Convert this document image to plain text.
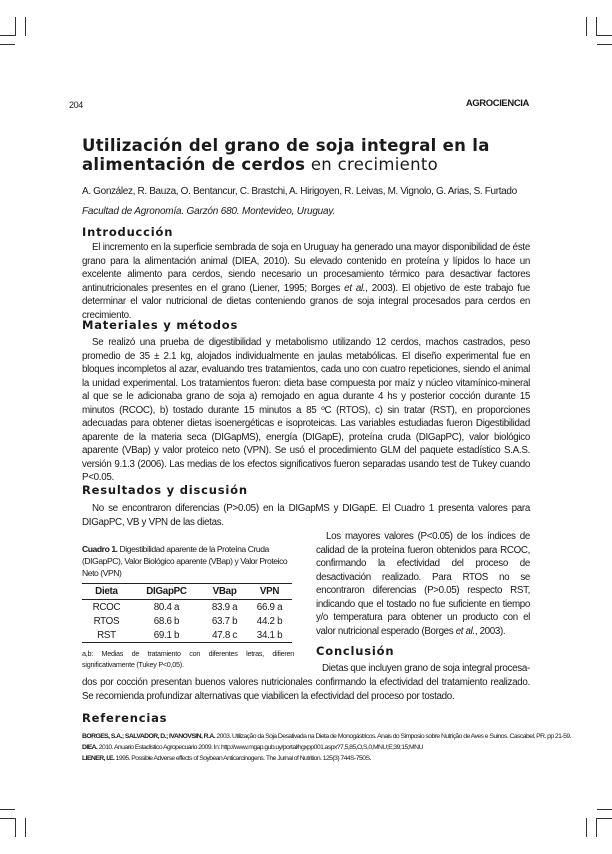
204	AGROCIENCIA
Utilización del grano de soja integral en la alimentación de cerdos en crecimiento
A. González, R. Bauza, O. Bentancur, C. Brastchi, A. Hirigoyen, R. Leivas, M. Vignolo, G. Arias, S. Furtado
Facultad de Agronomía. Garzón 680. Montevideo, Uruguay.
Introducción

El incremento en la superficie sembrada de soja en Uruguay ha generado una mayor disponibilidad de éste grano para la alimentación animal (DIEA, 2010). Su elevado contenido en proteína y lípidos lo hace un excelente alimento para cerdos, siendo necesario un procesamiento térmico para desactivar factores antinutricionales presentes en el grano (Liener, 1995; Borges et al., 2003). El objetivo de este trabajo fue determinar el valor nutricional de dietas conteniendo granos de soja integral procesados para cerdos en crecimiento.

Materiales y métodos

Se realizó una prueba de digestibilidad y metabolismo utilizando 12 cerdos, machos castrados, peso promedio de 35 ± 2.1 kg, alojados individualmente en jaulas metabólicas. El diseño experimental fue en bloques incompletos al azar, evaluando tres tratamientos, cada uno con cuatro repeticiones, siendo el animal la unidad experimental. Los tratamientos fueron: dieta base compuesta por maíz y núcleo vitamínico-mineral al que se le adicionaba grano de soja a) remojado en agua durante 4 hs y posterior cocción durante 15 minutos (RCOC), b) tostado durante 15 minutos a 85 ºC (RTOS), c) sin tratar (RST), en proporciones adecuadas para obtener dietas isoenergéticas e isoproteicas. Las variables estudiadas fueron Digestibilidad aparente de la materia seca (DIGapMS), energía (DIGapE), proteína cruda (DIGapPC), valor biológico aparente (VBap) y valor proteico neto (VPN). Se usó el procedimiento GLM del paquete estadístico S.A.S. versión 9.1.3 (2006). Las medias de los efectos significativos fueron separadas usando test de Tukey cuando P<0.05.

Resultados y discusión

No se encontraron diferencias (P>0.05) en la DIGapMS y DIGapE. El Cuadro 1 presenta valores para DIGapPC, VB y VPN de las dietas.

Los mayores valores (P<0.05) de los índices de calidad de la proteína fueron obtenidos para RCOC, confirmando la efectividad del proceso de desactivación realizado. Para RTOS no se encontraron diferencias (P>0.05) respecto RST, indicando que el tostado no fue suficiente en tiempo y/o temperatura para obtener un producto con el valor nutricional esperado (Borges et al., 2003).

Cuadro 1. Digestibilidad aparente de la Proteína Cruda (DIGapPC), Valor Biológico aparente (VBap) y Valor Proteico Neto (VPN)

Dieta	DIGapPC	VBap	VPN
RCOC	80.4 a	83.9 a	66.9 a
RTOS	68.6 b	63.7 b	44.2 b
RST	69.1 b	47.8 c	34.1 b

a,b: Medias de tratamiento con diferentes letras, difieren significativamente (Tukey P<0,05).

Conclusión

Dietas que incluyen grano de soja integral procesa-

dos por cocción presentan buenos valores nutricionales confirmando la efectividad del tratamiento realizado. Se recomienda profundizar alternativas que viabilicen la efectividad del proceso por tostado.

Referencias
BORGES, S.A.; SALVADOR, D.; IVANOVSIN, R.A. 2003. Utilização da Soja Desativada na Dieta de Monogástricos. Anais do Simposio sobre Nutrição de Aves e Suinos. Cascabel, PR. pp 21-59.
DIEA. 2010. Anuario Estadístico Agropecuario 2009. In: http://www.mgap.gub.uy/portal/hgxpp001.aspx?7,5,85,O,S,0,MNU;E;39;15;MNU
LIENER, I.E. 1995. Possible Adverse effects of Soybean Anticarcinogens. The Jurnal of Nutrition. 125(3) 744S-750S.
